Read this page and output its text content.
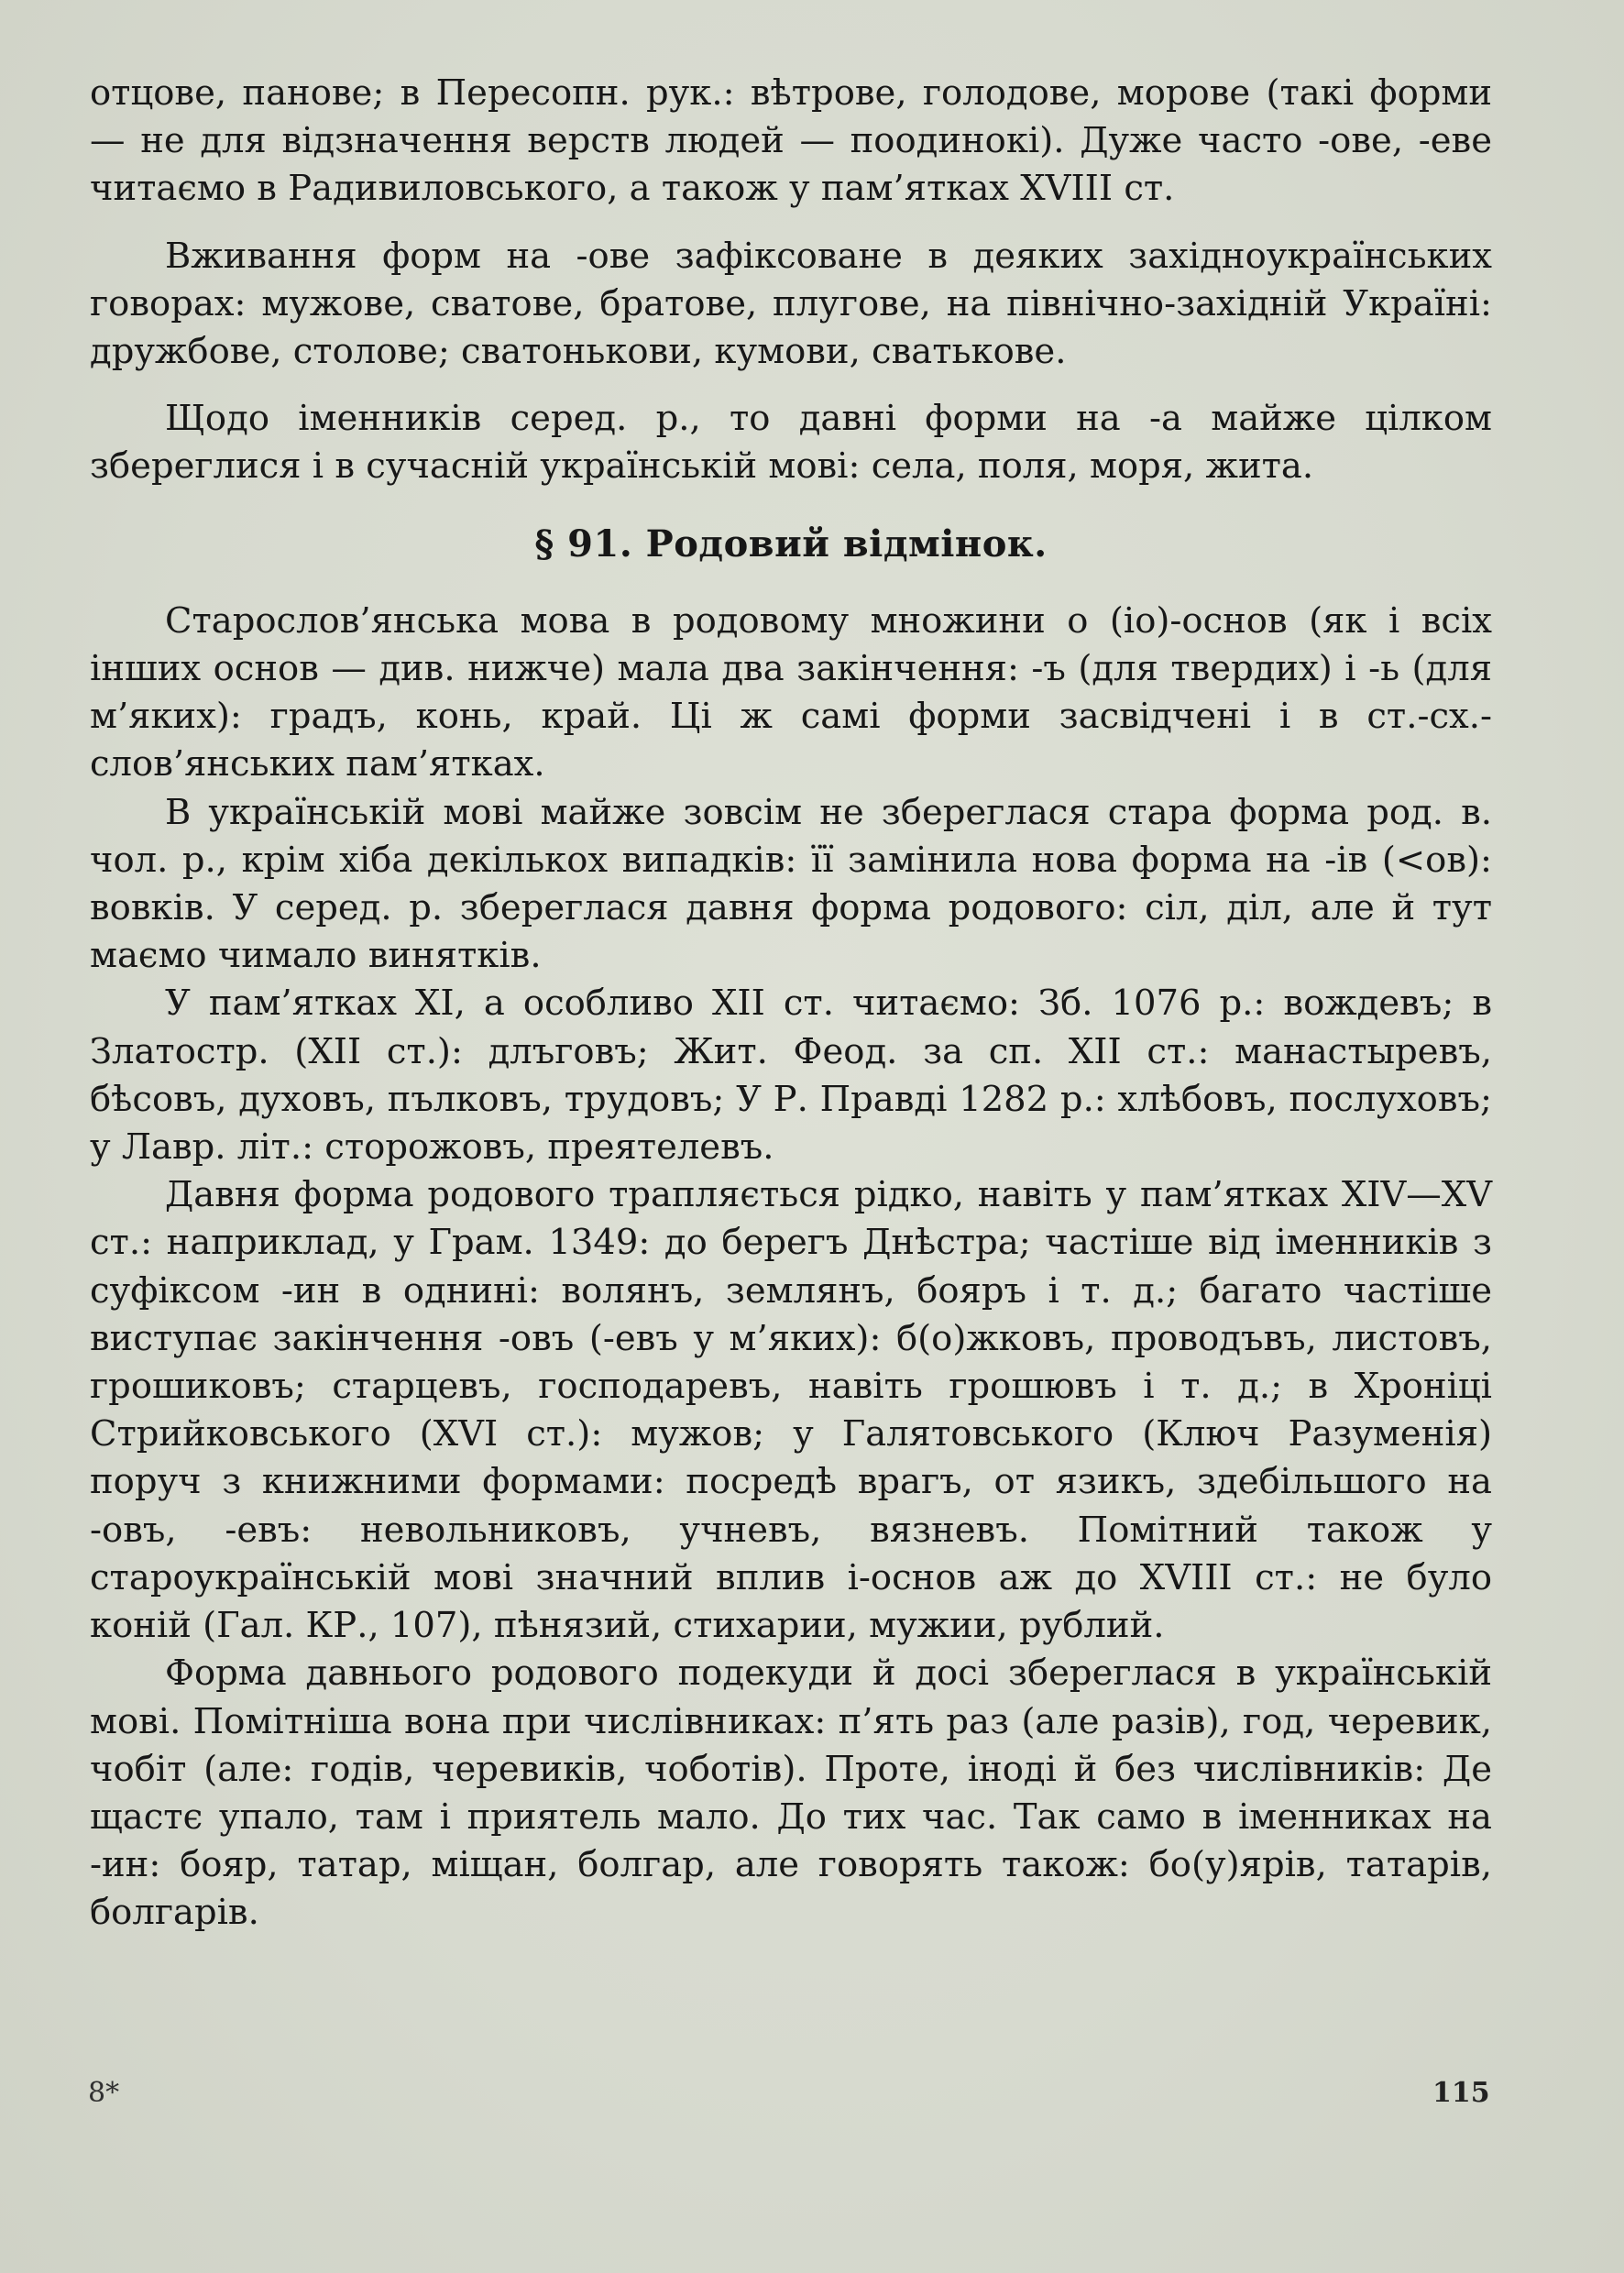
отцове, панове; в Пересопн. рук.: вѣтрове, голодове, морове (такі форми — не для відзначення верств людей — поодинокі). Дуже часто -ове, -еве читаємо в Радивиловського, а також у пам’ятках XVIII ст.

Вживання форм на -ове зафіксоване в деяких західноукраїнських говорах: мужове, сватове, братове, плугове, на північно-західній Україні: дружбове, столове; сватонькови, кумови, сватькове.

Щодо іменників серед. р., то давні форми на -а майже цілком збереглися і в сучасній українській мові: села, поля, моря, жита.

§ 91. Родовий відмінок.

Старослов’янська мова в родовому множини о (іо)-основ (як і всіх інших основ — див. нижче) мала два закінчення: -ъ (для твердих) і -ь (для м’яких): градъ, конь, край. Ці ж самі форми засвідчені і в ст.-сх.-слов’янських пам’ятках.

В українській мові майже зовсім не збереглася стара форма род. в. чол. р., крім хіба декількох випадків: її замінила нова форма на -ів (<ов): вовків. У серед. р. збереглася давня форма родового: сіл, діл, але й тут маємо чимало винятків.

У пам’ятках XI, а особливо XII ст. читаємо: Зб. 1076 р.: вождевъ; в Златостр. (XII ст.): длъговъ; Жит. Феод. за сп. XII ст.: манастыревъ, бѣсовъ, духовъ, пълковъ, трудовъ; У Р. Правді 1282 р.: хлѣбовъ, послуховъ; у Лавр. літ.: сторожовъ, преятелевъ.

Давня форма родового трапляється рідко, навіть у пам’ятках XIV—XV ст.: наприклад, у Грам. 1349: до берегъ Днѣстра; частіше від іменників з суфіксом -ин в однині: волянъ, землянъ, бояръ і т. д.; багато частіше виступає закінчення -овъ (-евъ у м’яких): б(о)жковъ, проводъвъ, листовъ, грошиковъ; старцевъ, господаревъ, навіть грошювъ і т. д.; в Хроніці Стрийковського (XVI ст.): мужов; у Галятовського (Ключ Разуменія) поруч з книжними формами: посредѣ врагъ, от язикъ, здебільшого на -овъ, -евъ: невольниковъ, учневъ, вязневъ. Помітний також у староукраїнській мові значний вплив і-основ аж до XVIII ст.: не було коній (Гал. КР., 107), пѣнязий, стихарии, мужии, рублий.

Форма давнього родового подекуди й досі збереглася в українській мові. Помітніша вона при числівниках: п’ять раз (але разів), год, черевик, чобіт (але: годів, черевиків, чоботів). Проте, іноді й без числівників: Де щастє упало, там і приятель мало. До тих час. Так само в іменниках на -ин: бояр, татар, міщан, болгар, але говорять також: бо(у)ярів, татарів, болгарів.

8*	115
